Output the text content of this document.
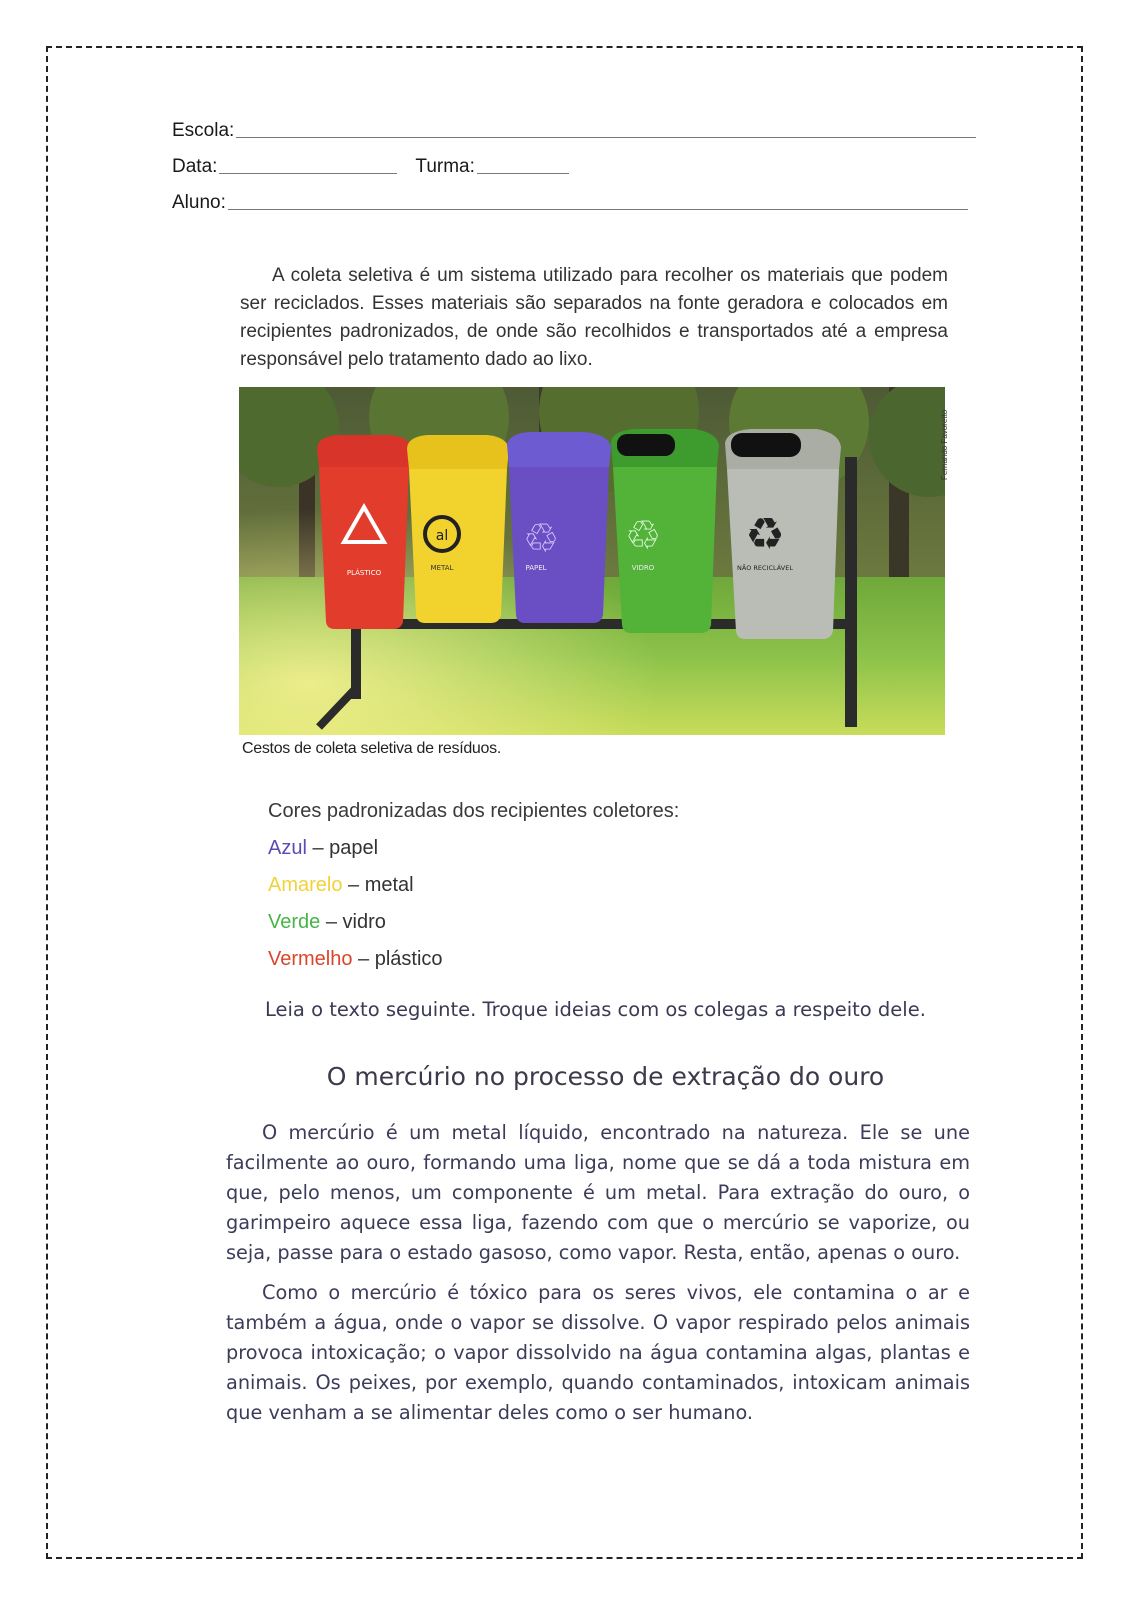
Escola:
Data:	Turma:
Aluno:

A coleta seletiva é um sistema utilizado para recolher os materiais que podem ser reciclados. Esses materiais são separados na fonte geradora e colocados em recipientes padronizados, de onde são recolhidos e transportados até a empresa responsável pelo tratamento dado ao lixo.

PLÁSTICO
al
METAL
♲
PAPEL
♲
VIDRO
♻
NÃO RECICLÁVEL
Fernando Favoretto
Cestos de coleta seletiva de resíduos.
Cores padronizadas dos recipientes coletores:
Azul – papel
Amarelo – metal
Verde – vidro
Vermelho – plástico
Leia o texto seguinte. Troque ideias com os colegas a respeito dele.
O mercúrio no processo de extração do ouro

O mercúrio é um metal líquido, encontrado na natureza. Ele se une facilmente ao ouro, formando uma liga, nome que se dá a toda mistura em que, pelo menos, um componente é um metal. Para extração do ouro, o garimpeiro aquece essa liga, fazendo com que o mercúrio se vaporize, ou seja, passe para o estado gasoso, como vapor. Resta, então, apenas o ouro.

Como o mercúrio é tóxico para os seres vivos, ele contamina o ar e também a água, onde o vapor se dissolve. O vapor respirado pelos animais provoca intoxicação; o vapor dissolvido na água contamina algas, plantas e animais. Os peixes, por exemplo, quando contaminados, intoxicam animais que venham a se alimentar deles como o ser humano.
